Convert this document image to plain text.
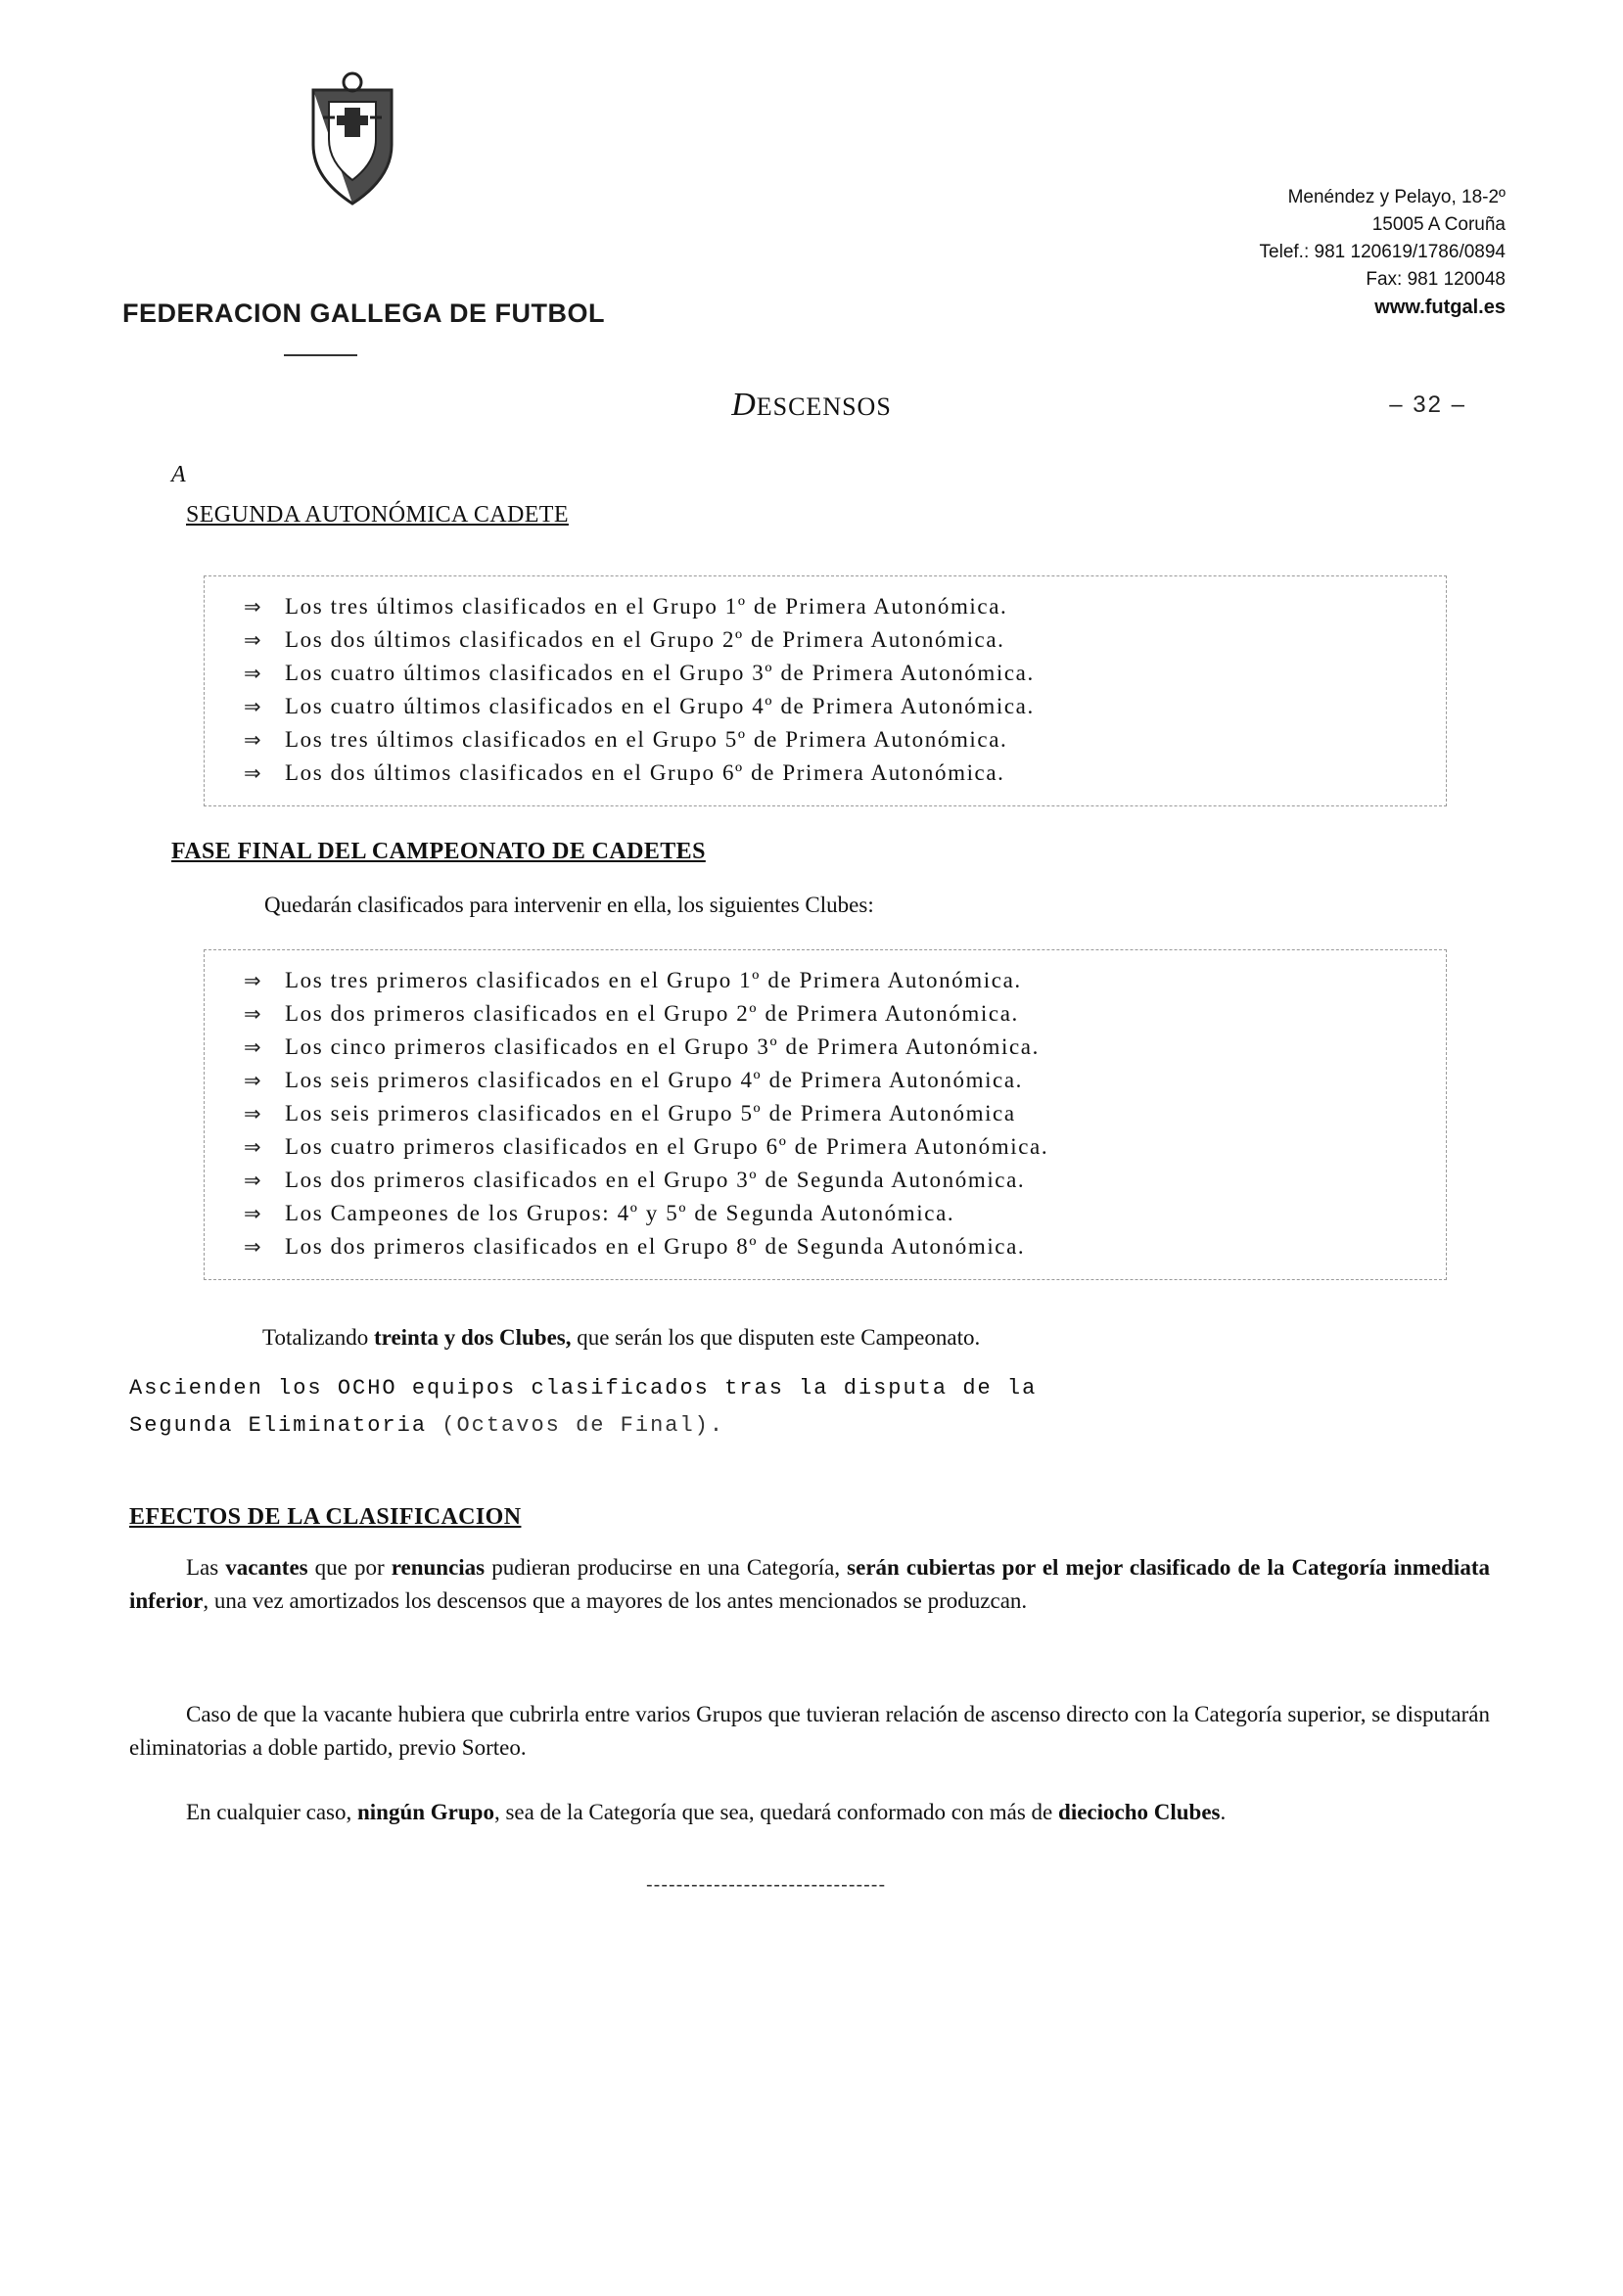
FEDERACION GALLEGA DE FUTBOL
Menéndez y Pelayo, 18-2º
15005 A Coruña
Telef.: 981 120619/1786/0894
Fax: 981 120048
www.futgal.es
– 32 –
DESCENSOS
A
SEGUNDA AUTONÓMICA CADETE
⇒	Los tres últimos clasificados en el Grupo 1º de Primera Autonómica.
⇒	Los dos últimos clasificados en el Grupo 2º de Primera Autonómica.
⇒	Los cuatro últimos clasificados en el Grupo 3º de Primera Autonómica.
⇒	Los cuatro últimos clasificados en el Grupo 4º de Primera Autonómica.
⇒	Los tres últimos clasificados en el Grupo 5º de Primera Autonómica.
⇒	Los dos últimos clasificados en el Grupo 6º de Primera Autonómica.
FASE FINAL DEL CAMPEONATO DE CADETES
Quedarán clasificados para intervenir en ella, los siguientes Clubes:
⇒	Los tres primeros clasificados en el Grupo 1º de Primera Autonómica.
⇒	Los dos primeros clasificados en el Grupo 2º de Primera Autonómica.
⇒	Los cinco primeros clasificados en el Grupo 3º de Primera Autonómica.
⇒	Los seis primeros clasificados en el Grupo 4º de Primera Autonómica.
⇒	Los seis primeros clasificados en el Grupo 5º de Primera Autonómica
⇒	Los cuatro primeros clasificados en el Grupo 6º de Primera Autonómica.
⇒	Los dos primeros clasificados en el Grupo 3º de Segunda Autonómica.
⇒	Los Campeones de los Grupos: 4º y 5º de Segunda Autonómica.
⇒	Los dos primeros clasificados en el Grupo 8º de Segunda Autonómica.
Totalizando treinta y dos Clubes, que serán los que disputen este Campeonato.
Ascienden los OCHO equipos clasificados tras la disputa de la
Segunda Eliminatoria (Octavos de Final).
EFECTOS DE LA CLASIFICACION
Las vacantes que por renuncias pudieran producirse en una Categoría, serán cubiertas por el mejor clasificado de la Categoría inmediata inferior, una vez amortizados los descensos que a mayores de los antes mencionados se produzcan.
Caso de que la vacante hubiera que cubrirla entre varios Grupos que tuvieran relación de ascenso directo con la Categoría superior, se disputarán eliminatorias a doble partido, previo Sorteo.
En cualquier caso, ningún Grupo, sea de la Categoría que sea, quedará conformado con más de dieciocho Clubes.
--------------------------------
